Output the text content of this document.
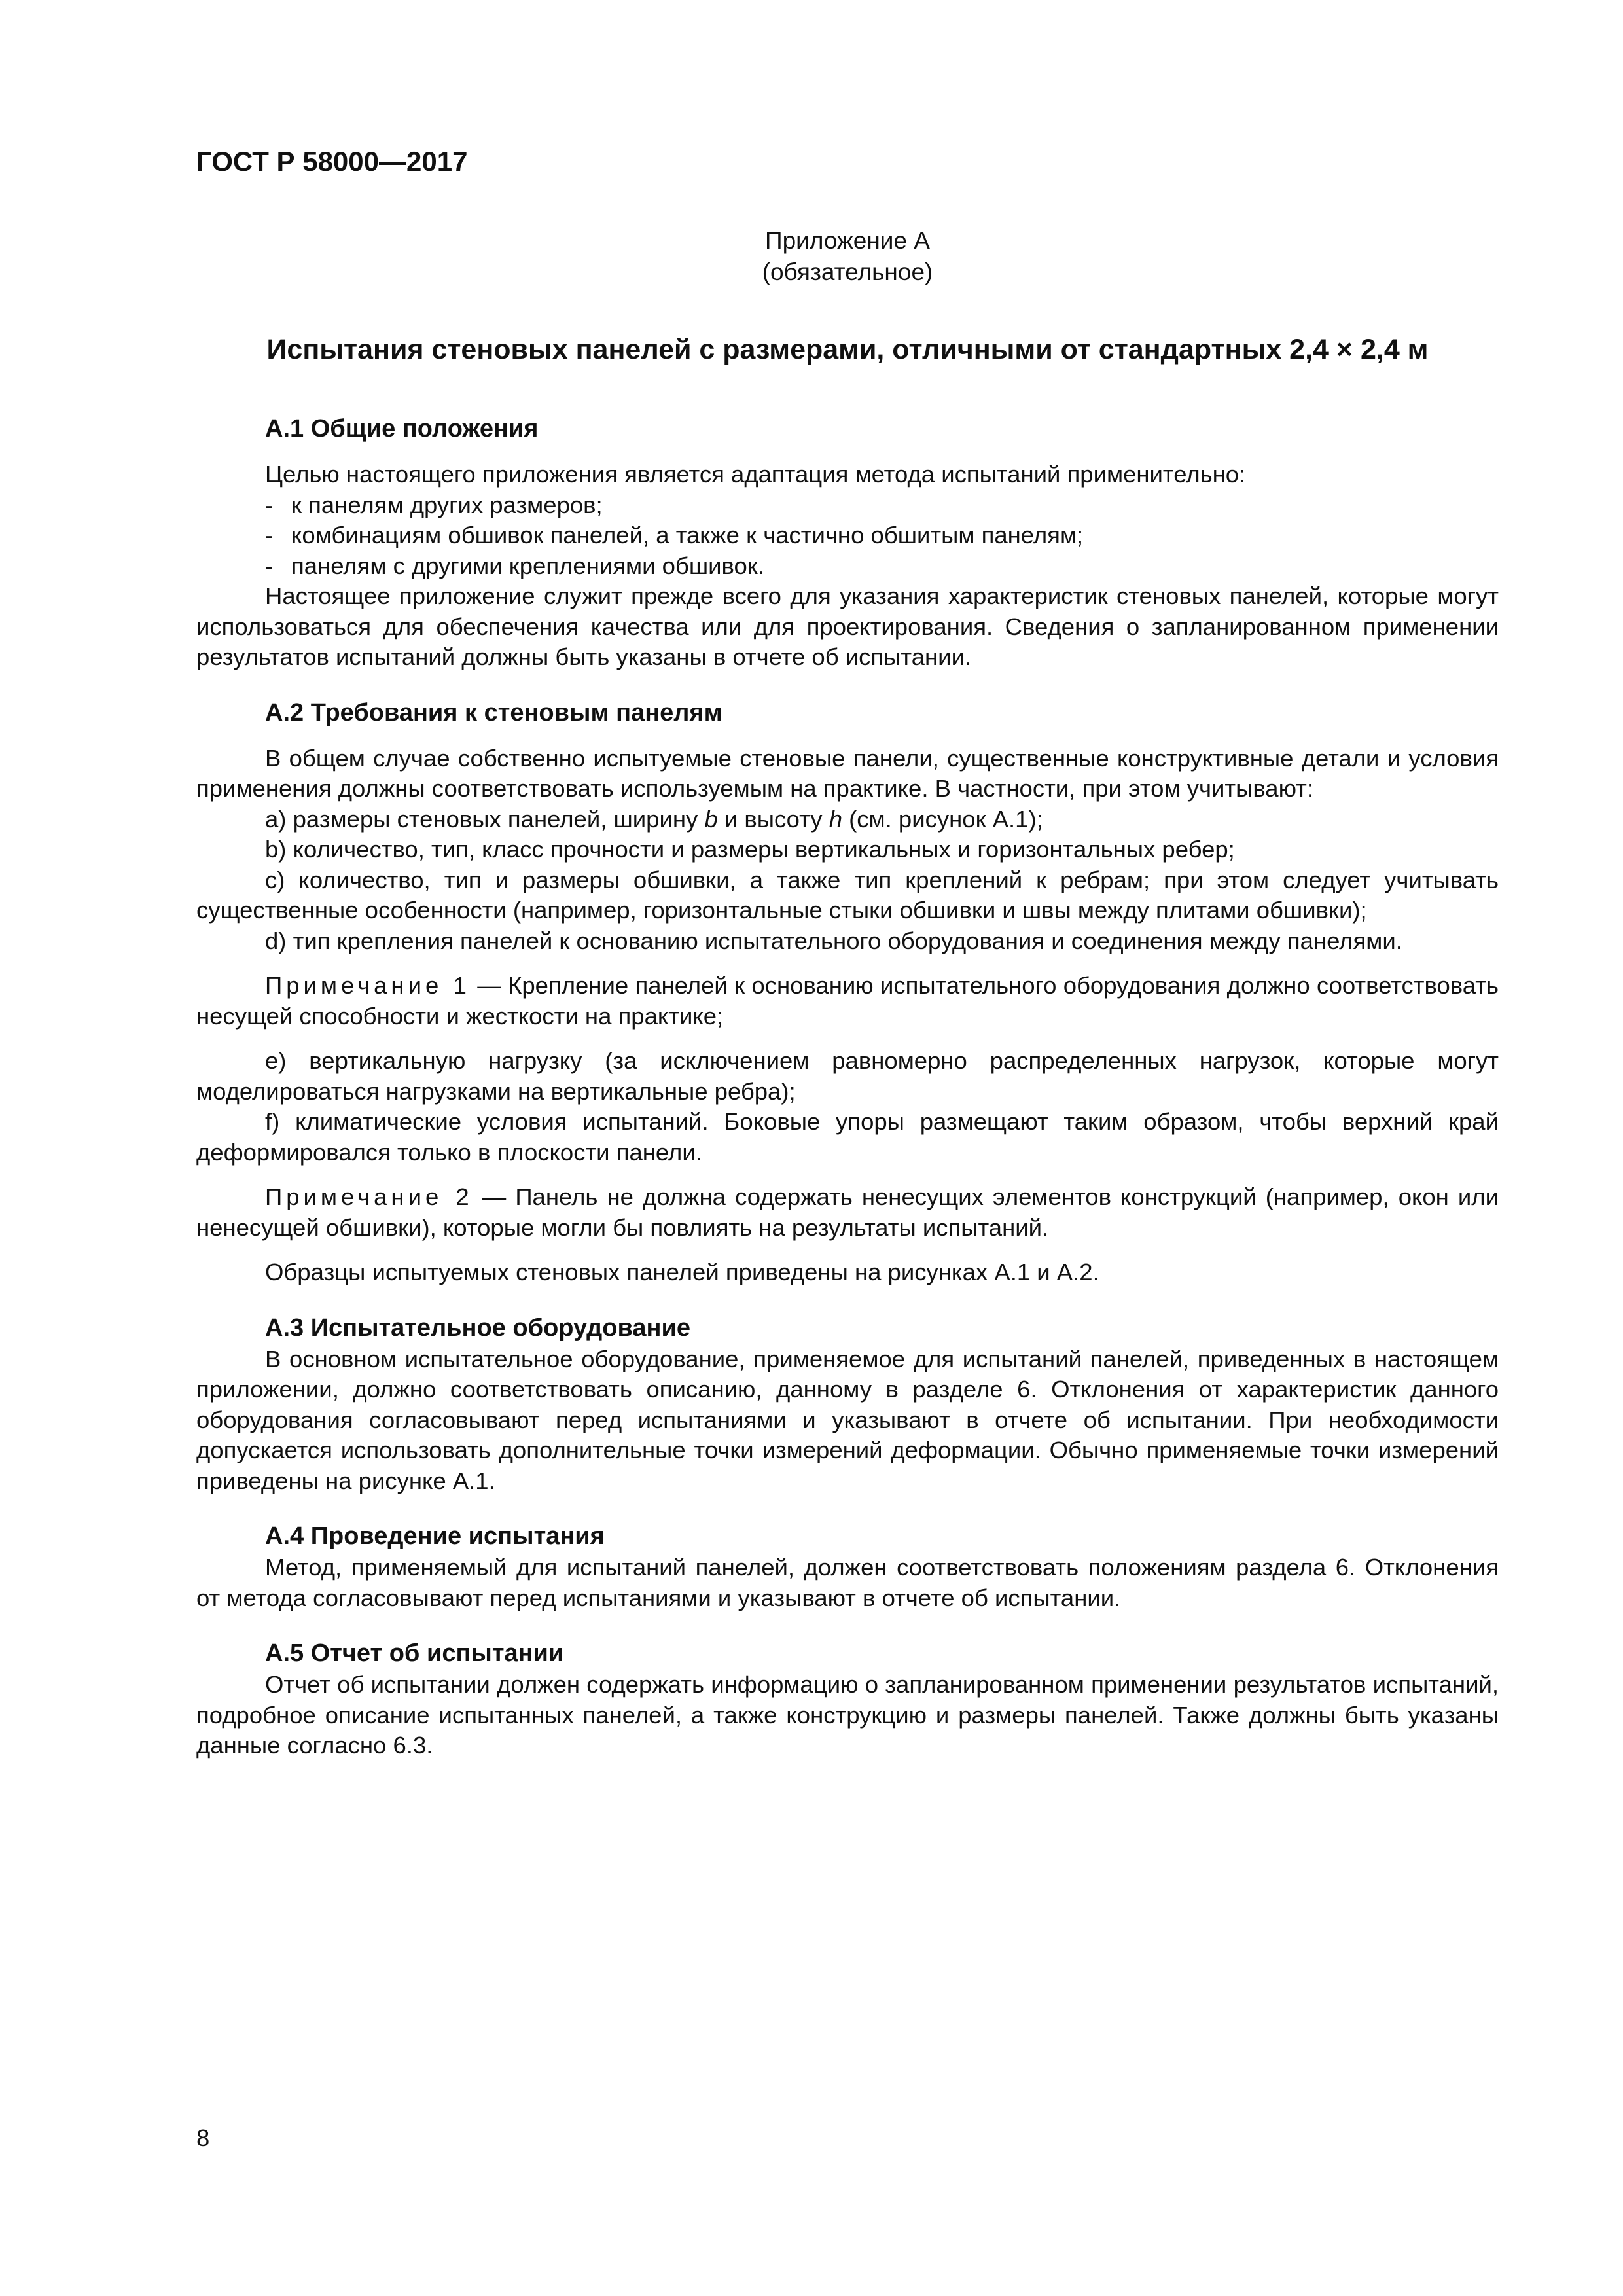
ГОСТ Р 58000—2017
Приложение А
(обязательное)
Испытания стеновых панелей с размерами, отличными от стандартных 2,4 × 2,4 м
А.1 Общие положения

Целью настоящего приложения является адаптация метода испытаний применительно:

- к панелям других размеров;

- комбинациям обшивок панелей, а также к частично обшитым панелям;

- панелям с другими креплениями обшивок.

Настоящее приложение служит прежде всего для указания характеристик стеновых панелей, которые могут использоваться для обеспечения качества или для проектирования. Сведения о запланированном применении результатов испытаний должны быть указаны в отчете об испытании.

А.2 Требования к стеновым панелям

В общем случае собственно испытуемые стеновые панели, существенные конструктивные детали и условия применения должны соответствовать используемым на практике. В частности, при этом учитывают:

а) размеры стеновых панелей, ширину b и высоту h (см. рисунок А.1);

b) количество, тип, класс прочности и размеры вертикальных и горизонтальных ребер;

с) количество, тип и размеры обшивки, а также тип креплений к ребрам; при этом следует учитывать существенные особенности (например, горизонтальные стыки обшивки и швы между плитами обшивки);

d) тип крепления панелей к основанию испытательного оборудования и соединения между панелями.

Примечание 1 — Крепление панелей к основанию испытательного оборудования должно соответствовать несущей способности и жесткости на практике;

е) вертикальную нагрузку (за исключением равномерно распределенных нагрузок, которые могут моделироваться нагрузками на вертикальные ребра);

f) климатические условия испытаний. Боковые упоры размещают таким образом, чтобы верхний край деформировался только в плоскости панели.

Примечание 2 — Панель не должна содержать ненесущих элементов конструкций (например, окон или ненесущей обшивки), которые могли бы повлиять на результаты испытаний.

Образцы испытуемых стеновых панелей приведены на рисунках А.1 и А.2.

А.3 Испытательное оборудование

В основном испытательное оборудование, применяемое для испытаний панелей, приведенных в настоящем приложении, должно соответствовать описанию, данному в разделе 6. Отклонения от характеристик данного оборудования согласовывают перед испытаниями и указывают в отчете об испытании. При необходимости допускается использовать дополнительные точки измерений деформации. Обычно применяемые точки измерений приведены на рисунке А.1.

А.4 Проведение испытания

Метод, применяемый для испытаний панелей, должен соответствовать положениям раздела 6. Отклонения от метода согласовывают перед испытаниями и указывают в отчете об испытании.

А.5 Отчет об испытании

Отчет об испытании должен содержать информацию о запланированном применении результатов испытаний, подробное описание испытанных панелей, а также конструкцию и размеры панелей. Также должны быть указаны данные согласно 6.3.

8
